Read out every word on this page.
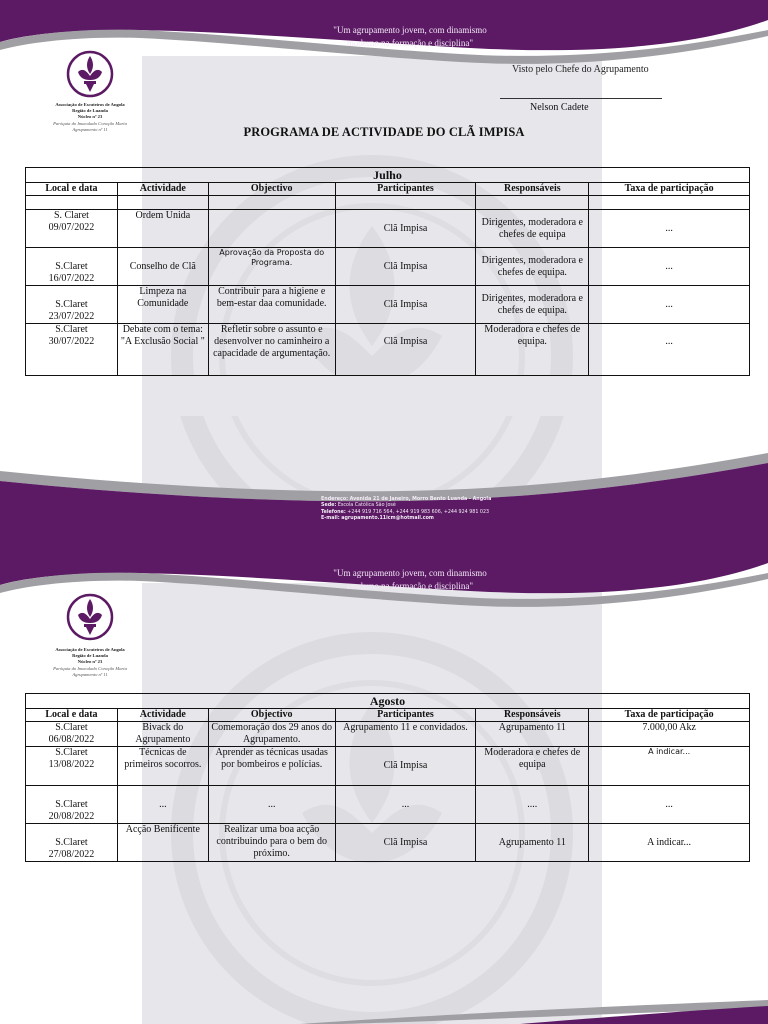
"Um agrupamento jovem, com dinamismo
moderno na formação e disciplina"
Associação de Escuteiros de Angola
Região de Luanda
Núcleo nº 23
Paróquia do Imaculado Coração Maria
Agrupamento nº 11
Visto pelo Chefe do Agrupamento
Nelson Cadete
PROGRAMA DE ACTIVIDADE DO CLÃ IMPISA
Julho					
Local e data	Actividade	Objectivo	Participantes	Responsáveis	Taxa de participação

S. Claret
09/07/2022	Ordem Unida		Clã Impisa	Dirigentes, moderadora e chefes de equipa	...

S.Claret
16/07/2022	Conselho de Clã	Aprovação da Proposta do Programa.	Clã Impisa	Dirigentes, moderadora e chefes de equipa.	...

S.Claret
23/07/2022	Limpeza na Comunidade	Contribuir para a higiene e bem-estar daa comunidade.	Clã Impisa	Dirigentes, moderadora e chefes de equipa.	...

S.Claret
30/07/2022	Debate com o tema: "A Exclusão Social "	Refletir sobre o assunto e desenvolver no caminheiro a capacidade de argumentação.	Clã Impisa	Moderadora e chefes de equipa.	...
Endereço: Avenida 21 de Janeiro, Morro Bento Luanda - Angola
Sede: Escola Católica São José
Telefone: +244 919 716 564, +244 919 983 606, +244 924 981 023
E-mail: agrupamento.11icm@hotmail.com
"Um agrupamento jovem, com dinamismo
moderno na formação e disciplina"
Associação de Escuteiros de Angola
Região de Luanda
Núcleo nº 23
Paróquia do Imaculado Coração Maria
Agrupamento nº 11
Agosto					
Local e data	Actividade	Objectivo	Participantes	Responsáveis	Taxa de participação

S.Claret
06/08/2022	Bivack do Agrupamento	Comemoração dos 29 anos do Agrupamento.	Agrupamento 11 e convidados.	Agrupamento 11	7.000,00 Akz

S.Claret
13/08/2022	Técnicas de primeiros socorros.	Aprender as técnicas usadas por bombeiros e polícias.	Clã Impisa	Moderadora e chefes de equipa	A indicar...

S.Claret
20/08/2022	...	...	...	....	...

S.Claret
27/08/2022	Acção Benificente	Realizar uma boa acção contribuindo para o bem do próximo.	Clã Impisa	Agrupamento 11	A indicar...
